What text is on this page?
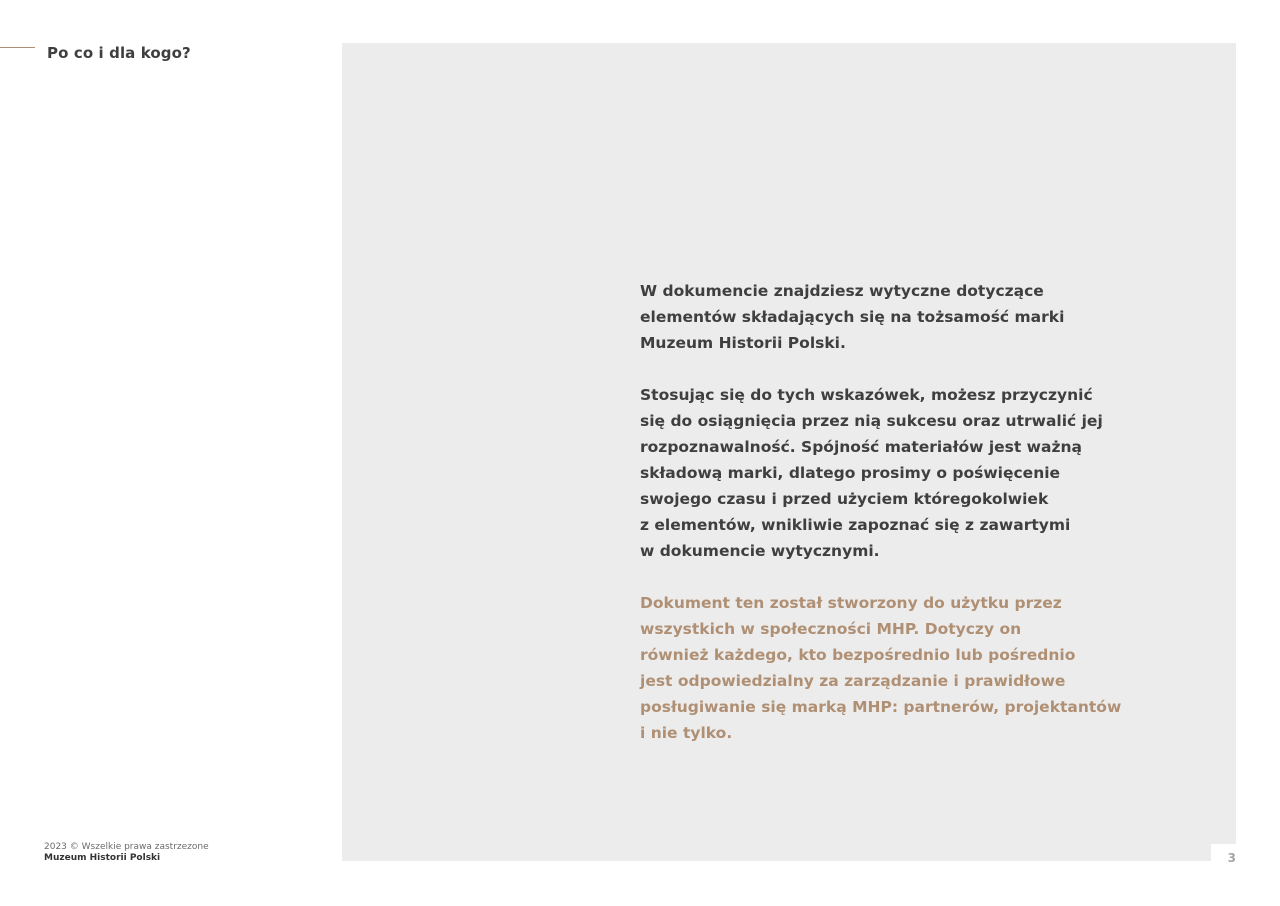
Po co i dla kogo?

W dokumencie znajdziesz wytyczne dotyczące
elementów składających się na tożsamość marki
Muzeum Historii Polski.

Stosując się do tych wskazówek, możesz przyczynić
się do osiągnięcia przez nią sukcesu oraz utrwalić jej
rozpoznawalność. Spójność materiałów jest ważną
składową marki, dlatego prosimy o poświęcenie
swojego czasu i przed użyciem któregokolwiek
z elementów, wnikliwie zapoznać się z zawartymi
w dokumencie wytycznymi.

Dokument ten został stworzony do użytku przez
wszystkich w społeczności MHP. Dotyczy on
również każdego, kto bezpośrednio lub pośrednio
jest odpowiedzialny za zarządzanie i prawidłowe
posługiwanie się marką MHP: partnerów, projektantów
i nie tylko.

2023 © Wszelkie prawa zastrzezone
Muzeum Historii Polski	3
